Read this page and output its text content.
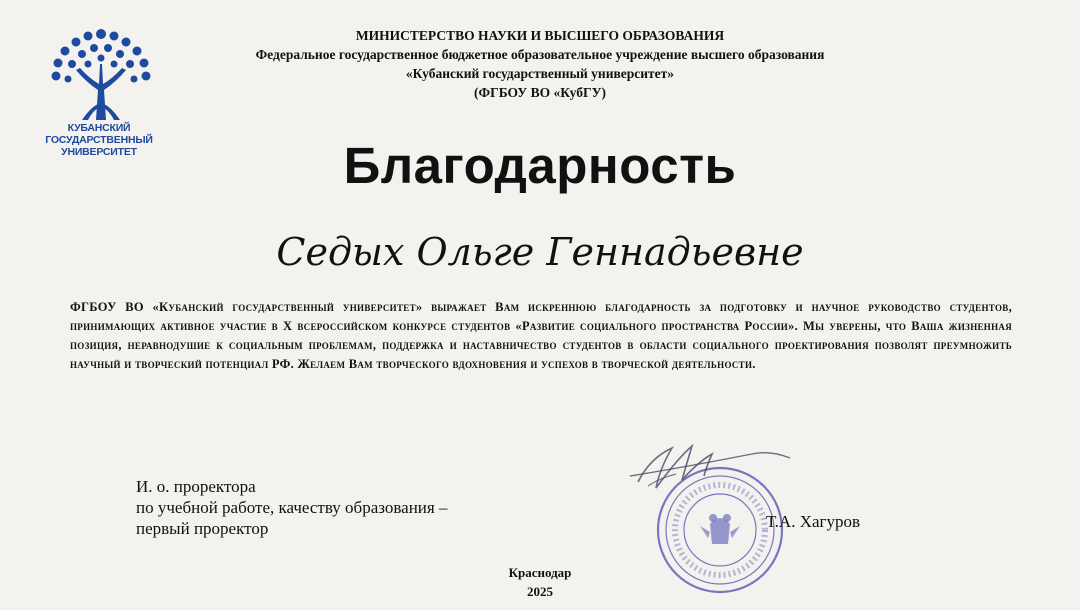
КУБАНСКИЙ
ГОСУДАРСТВЕННЫЙ
УНИВЕРСИТЕТ
МИНИСТЕРСТВО НАУКИ И ВЫСШЕГО ОБРАЗОВАНИЯ
Федеральное государственное бюджетное образовательное учреждение высшего образования
«Кубанский государственный университет»
(ФГБОУ ВО «КубГУ)
Благодарность
Седых Ольге Геннадьевне
ФГБОУ ВО «Кубанский государственный университет» выражает Вам искреннюю благодарность за подготовку и научное руководство студентов, принимающих активное участие в X всероссийском конкурсе студентов «Развитие социального пространства России». Мы уверены, что Ваша жизненная позиция, неравнодушие к социальным проблемам, поддержка и наставничество студентов в области социального проектирования позволят преумножить научный и творческий потенциал РФ. Желаем Вам творческого вдохновения и успехов в творческой деятельности.
И. о. проректора
по учебной работе, качеству образования –
первый проректор	Т.А. Хагуров
Краснодар
2025
